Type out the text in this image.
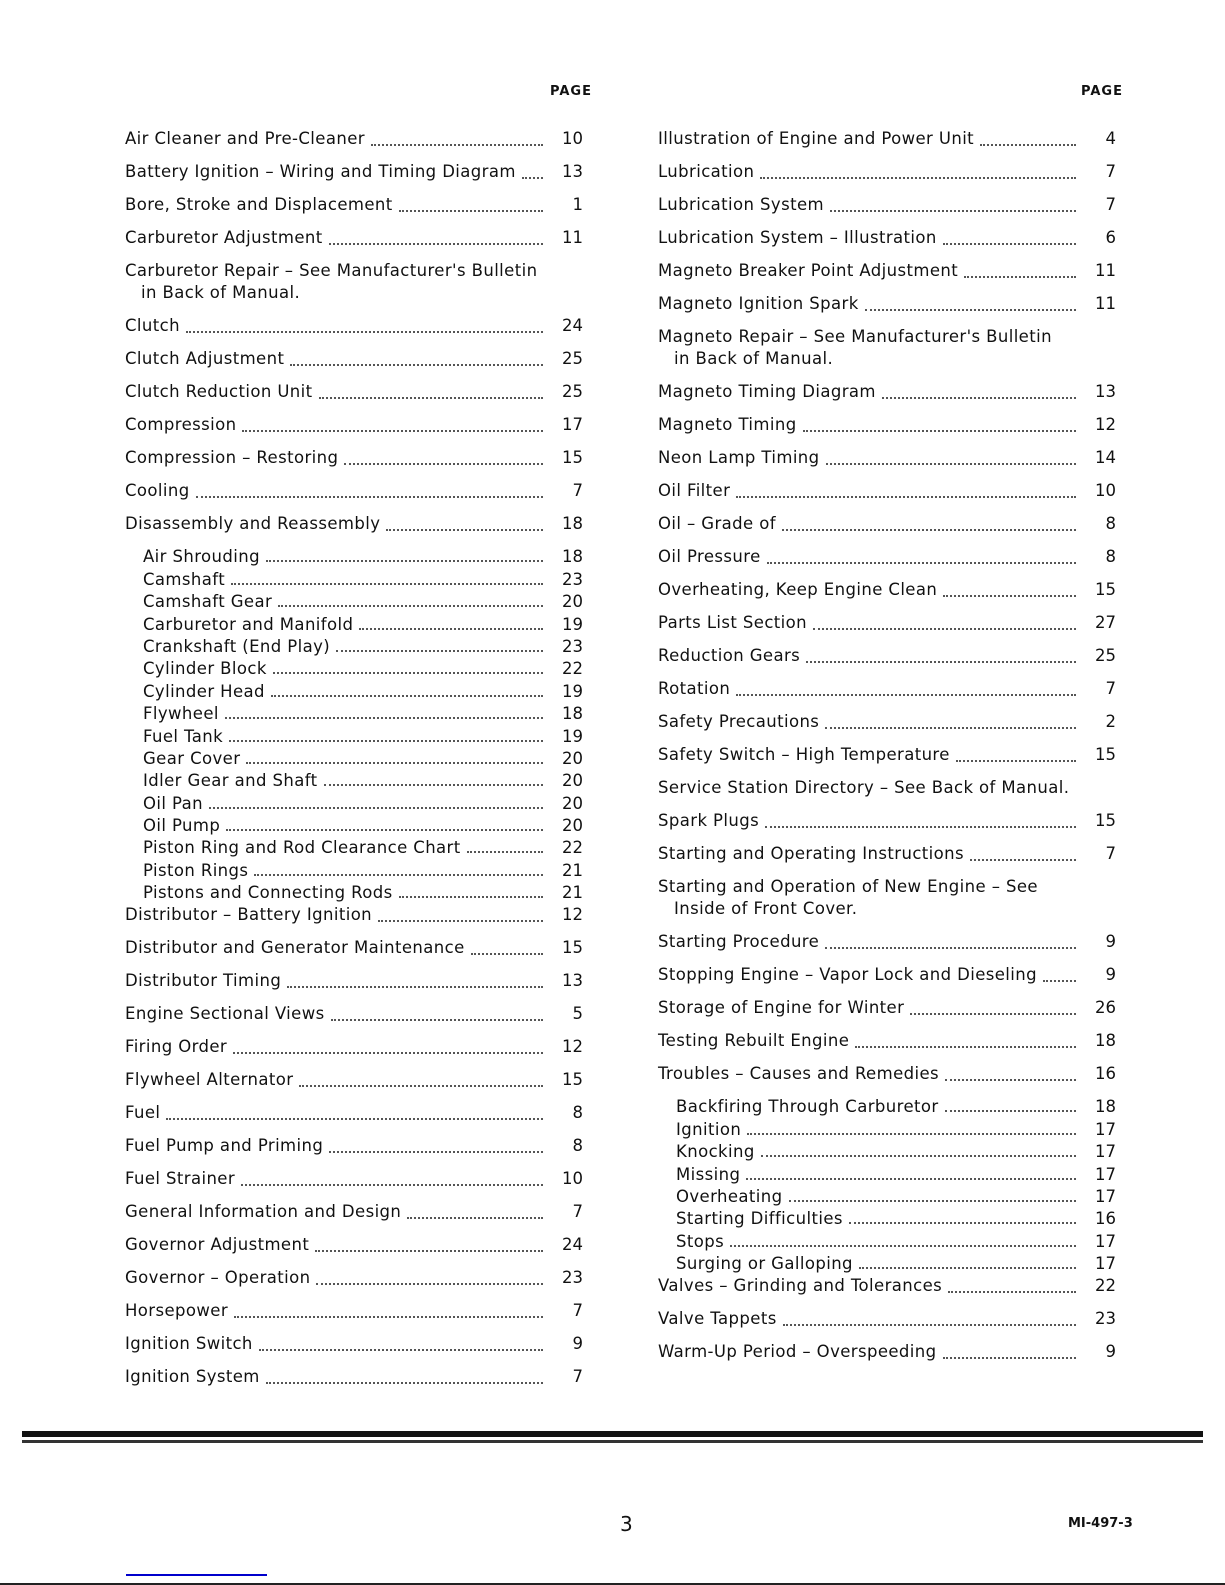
PAGE	PAGE
Air Cleaner and Pre-Cleaner	10
Battery Ignition – Wiring and Timing Diagram	13
Bore, Stroke and Displacement	1
Carburetor Adjustment	11
Carburetor Repair – See Manufacturer's Bulletin
in Back of Manual.
Clutch	24
Clutch Adjustment	25
Clutch Reduction Unit	25
Compression	17
Compression – Restoring	15
Cooling	7
Disassembly and Reassembly	18
Air Shrouding	18
Camshaft	23
Camshaft Gear	20
Carburetor and Manifold	19
Crankshaft (End Play)	23
Cylinder Block	22
Cylinder Head	19
Flywheel	18
Fuel Tank	19
Gear Cover	20
Idler Gear and Shaft	20
Oil Pan	20
Oil Pump	20
Piston Ring and Rod Clearance Chart	22
Piston Rings	21
Pistons and Connecting Rods	21
Distributor – Battery Ignition	12
Distributor and Generator Maintenance	15
Distributor Timing	13
Engine Sectional Views	5
Firing Order	12
Flywheel Alternator	15
Fuel	8
Fuel Pump and Priming	8
Fuel Strainer	10
General Information and Design	7
Governor Adjustment	24
Governor – Operation	23
Horsepower	7
Ignition Switch	9
Ignition System	7
Illustration of Engine and Power Unit	4
Lubrication	7
Lubrication System	7
Lubrication System – Illustration	6
Magneto Breaker Point Adjustment	11
Magneto Ignition Spark	11
Magneto Repair – See Manufacturer's Bulletin
in Back of Manual.
Magneto Timing Diagram	13
Magneto Timing	12
Neon Lamp Timing	14
Oil Filter	10
Oil – Grade of	8
Oil Pressure	8
Overheating, Keep Engine Clean	15
Parts List Section	27
Reduction Gears	25
Rotation	7
Safety Precautions	2
Safety Switch – High Temperature	15
Service Station Directory – See Back of Manual.
Spark Plugs	15
Starting and Operating Instructions	7
Starting and Operation of New Engine – See
Inside of Front Cover.
Starting Procedure	9
Stopping Engine – Vapor Lock and Dieseling	9
Storage of Engine for Winter	26
Testing Rebuilt Engine	18
Troubles – Causes and Remedies	16
Backfiring Through Carburetor	18
Ignition	17
Knocking	17
Missing	17
Overheating	17
Starting Difficulties	16
Stops	17
Surging or Galloping	17
Valves – Grinding and Tolerances	22
Valve Tappets	23
Warm-Up Period – Overspeeding	9
3	MI-497-3
